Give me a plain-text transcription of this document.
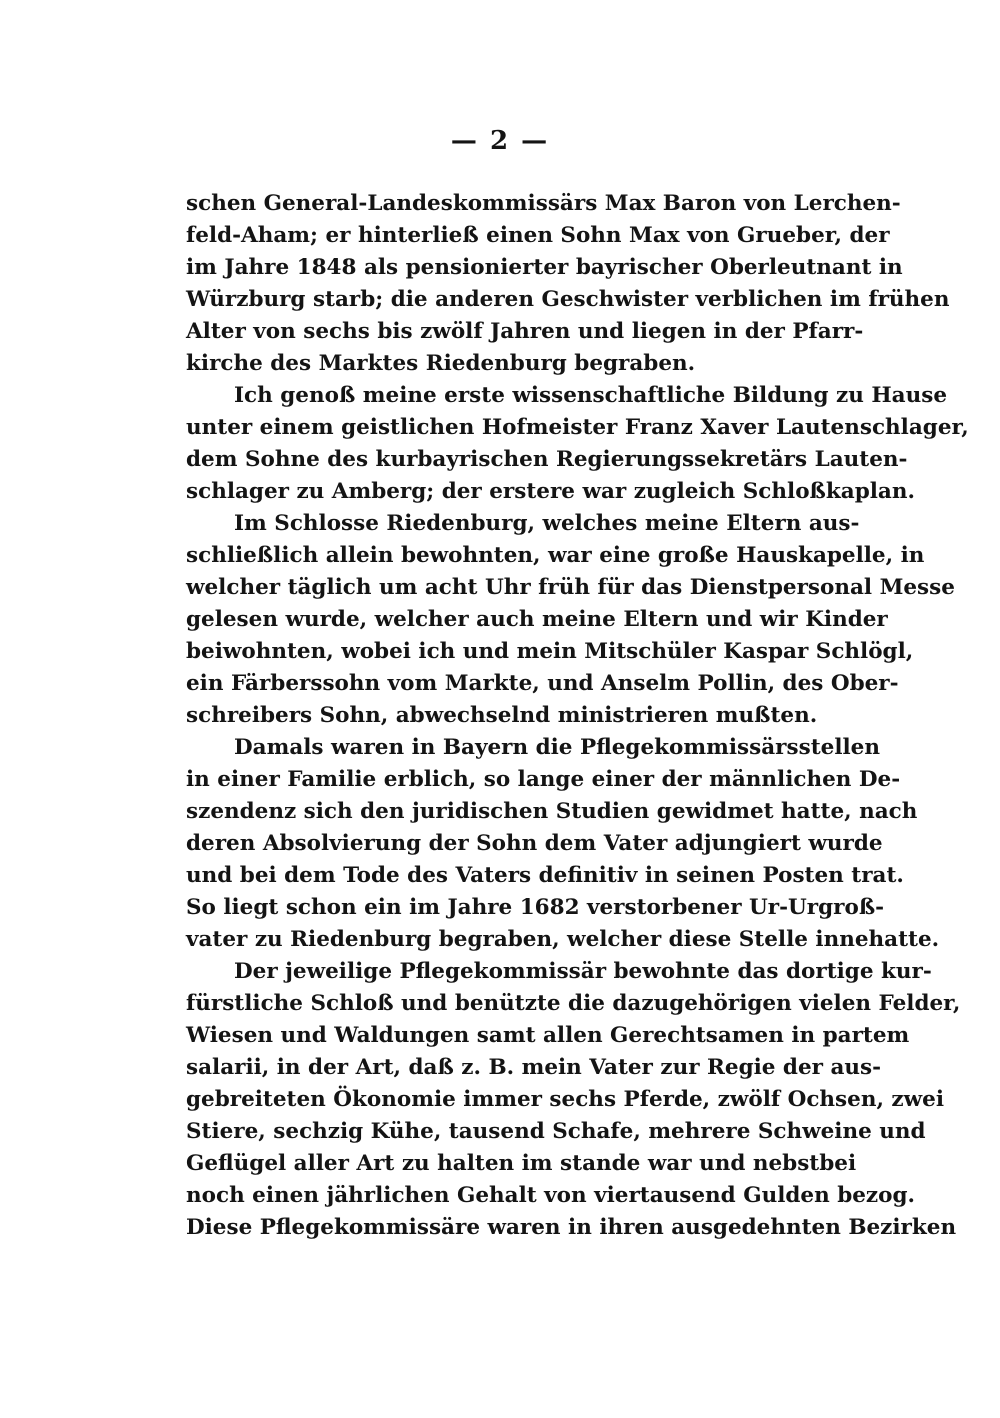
— 2 —
schen General-Landeskommissärs Max Baron von Lerchen-
feld-Aham; er hinterließ einen Sohn Max von Grueber, der
im Jahre 1848 als pensionierter bayrischer Oberleutnant in
Würzburg starb; die anderen Geschwister verblichen im frühen
Alter von sechs bis zwölf Jahren und liegen in der Pfarr-
kirche des Marktes Riedenburg begraben.
Ich genoß meine erste wissenschaftliche Bildung zu Hause
unter einem geistlichen Hofmeister Franz Xaver Lautenschlager,
dem Sohne des kurbayrischen Regierungssekretärs Lauten-
schlager zu Amberg; der erstere war zugleich Schloßkaplan.
Im Schlosse Riedenburg, welches meine Eltern aus-
schließlich allein bewohnten, war eine große Hauskapelle, in
welcher täglich um acht Uhr früh für das Dienstpersonal Messe
gelesen wurde, welcher auch meine Eltern und wir Kinder
beiwohnten, wobei ich und mein Mitschüler Kaspar Schlögl,
ein Färberssohn vom Markte, und Anselm Pollin, des Ober-
schreibers Sohn, abwechselnd ministrieren mußten.
Damals waren in Bayern die Pflegekommissärsstellen
in einer Familie erblich, so lange einer der männlichen De-
szendenz sich den juridischen Studien gewidmet hatte, nach
deren Absolvierung der Sohn dem Vater adjungiert wurde
und bei dem Tode des Vaters definitiv in seinen Posten trat.
So liegt schon ein im Jahre 1682 verstorbener Ur-Urgroß-
vater zu Riedenburg begraben, welcher diese Stelle innehatte.
Der jeweilige Pflegekommissär bewohnte das dortige kur-
fürstliche Schloß und benützte die dazugehörigen vielen Felder,
Wiesen und Waldungen samt allen Gerechtsamen in partem
salarii, in der Art, daß z. B. mein Vater zur Regie der aus-
gebreiteten Ökonomie immer sechs Pferde, zwölf Ochsen, zwei
Stiere, sechzig Kühe, tausend Schafe, mehrere Schweine und
Geflügel aller Art zu halten im stande war und nebstbei
noch einen jährlichen Gehalt von viertausend Gulden bezog.
Diese Pflegekommissäre waren in ihren ausgedehnten Bezirken
